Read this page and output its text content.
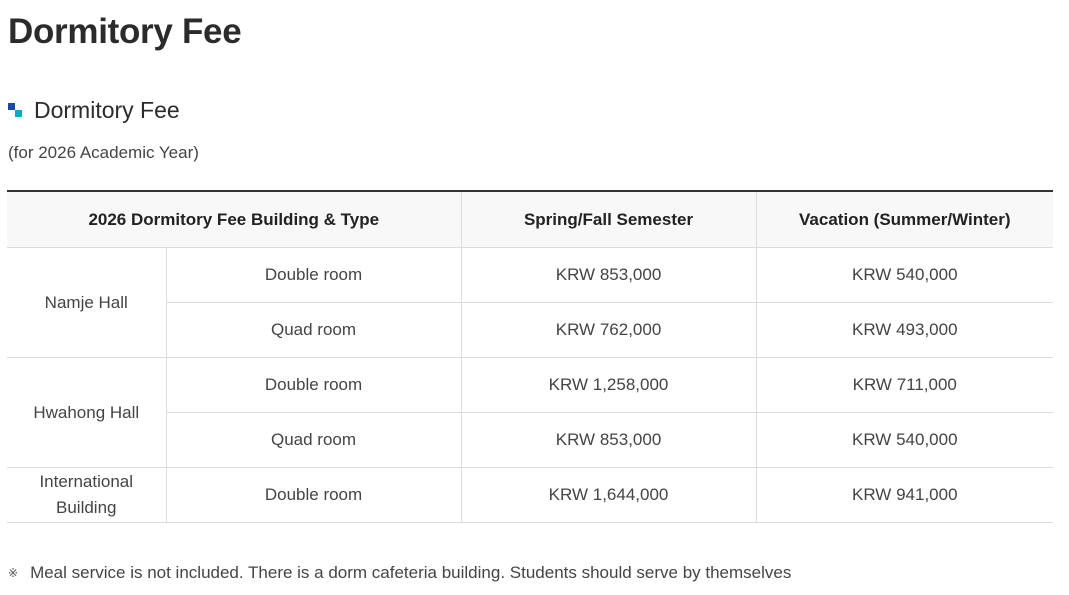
Dormitory Fee
Dormitory Fee
(for 2026 Academic Year)
2026 Dormitory Fee Building & Type		Spring/Fall Semester	Vacation (Summer/Winter)
Namje Hall	Double room	KRW 853,000	KRW 540,000
	Quad room	KRW 762,000	KRW 493,000
Hwahong Hall	Double room	KRW 1,258,000	KRW 711,000
	Quad room	KRW 853,000	KRW 540,000
International Building	Double room	KRW 1,644,000	KRW 941,000
※ Meal service is not included. There is a dorm cafeteria building. Students should serve by themselves
